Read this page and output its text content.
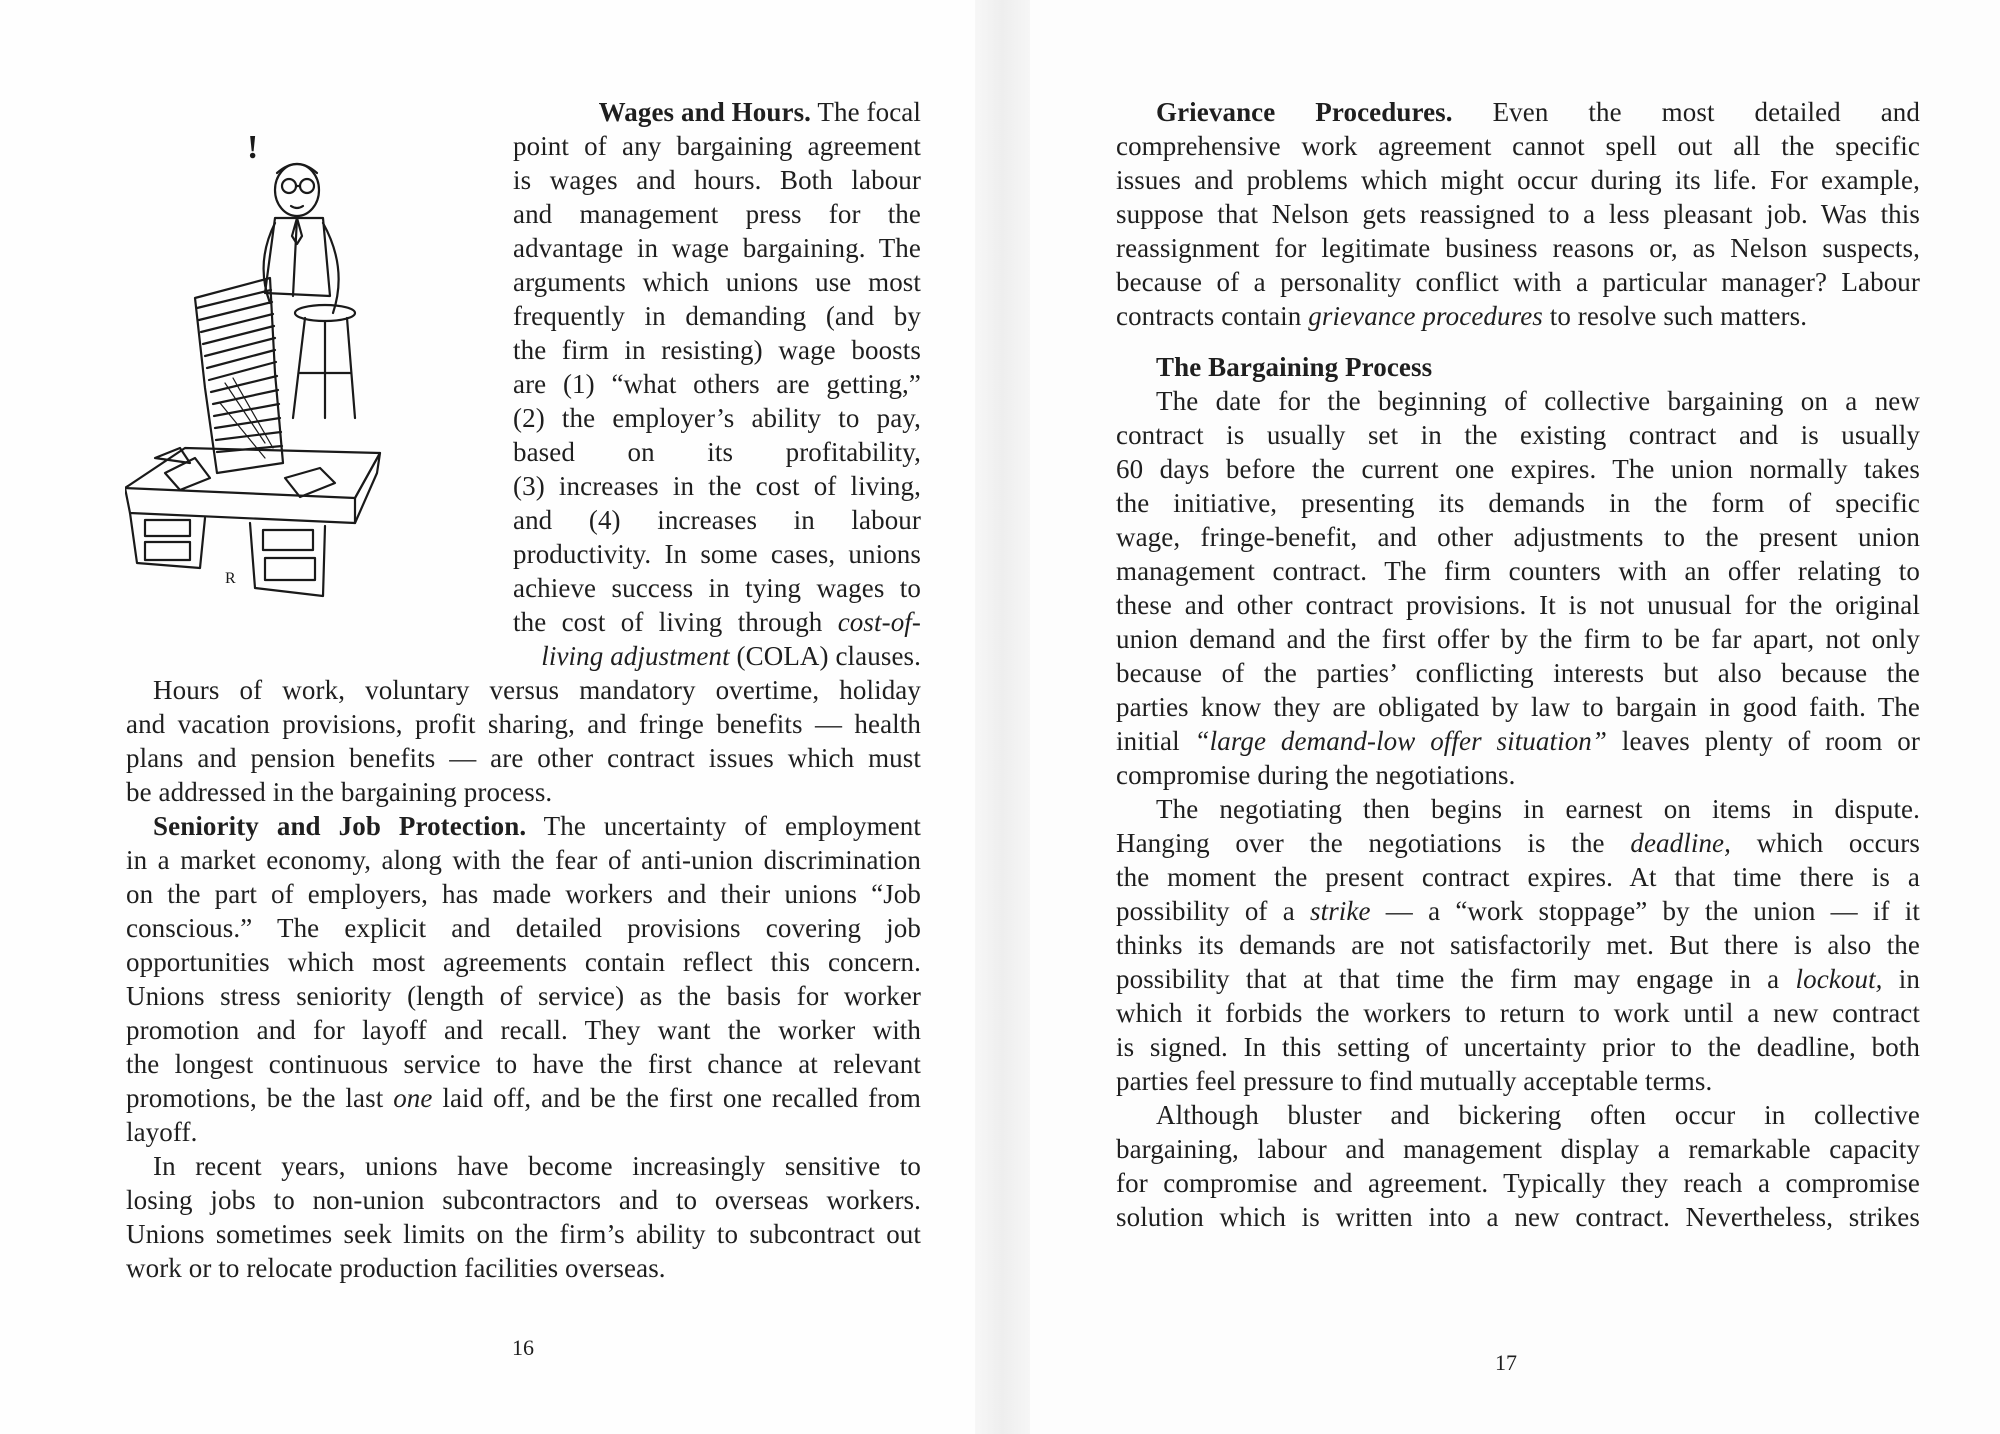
!
R

Wages and Hours. The focal

point of any bargaining agreement

is wages and hours. Both labour

and management press for the

advantage in wage bargaining. The

arguments which unions use most

frequently in demanding (and by

the firm in resisting) wage boosts

are (1) “what others are getting,”

(2) the employer’s ability to pay,

based on its profitability,

(3) increases in the cost of living,

and (4) increases in labour

productivity. In some cases, unions

achieve success in tying wages to

the cost of living through cost-of-

living adjustment (COLA) clauses.

Hours of work, voluntary versus mandatory overtime, holiday

and vacation provisions, profit sharing, and fringe benefits — health

plans and pension benefits — are other contract issues which must

be addressed in the bargaining process.

Seniority and Job Protection. The uncertainty of employment

in a market economy, along with the fear of anti-union discrimination

on the part of employers, has made workers and their unions “Job

conscious.” The explicit and detailed provisions covering job

opportunities which most agreements contain reflect this concern.

Unions stress seniority (length of service) as the basis for worker

promotion and for layoff and recall. They want the worker with

the longest continuous service to have the first chance at relevant

promotions, be the last one laid off, and be the first one recalled from

layoff.

In recent years, unions have become increasingly sensitive to

losing jobs to non-union subcontractors and to overseas workers.

Unions sometimes seek limits on the firm’s ability to subcontract out

work or to relocate production facilities overseas.

16

Grievance Procedures. Even the most detailed and

comprehensive work agreement cannot spell out all the specific

issues and problems which might occur during its life. For example,

suppose that Nelson gets reassigned to a less pleasant job. Was this

reassignment for legitimate business reasons or, as Nelson suspects,

because of a personality conflict with a particular manager? Labour

contracts contain grievance procedures to resolve such matters.

The Bargaining Process

The date for the beginning of collective bargaining on a new

contract is usually set in the existing contract and is usually

60 days before the current one expires. The union normally takes

the initiative, presenting its demands in the form of specific

wage, fringe-benefit, and other adjustments to the present union

management contract. The firm counters with an offer relating to

these and other contract provisions. It is not unusual for the original

union demand and the first offer by the firm to be far apart, not only

because of the parties’ conflicting interests but also because the

parties know they are obligated by law to bargain in good faith. The

initial “large demand-low offer situation” leaves plenty of room or

compromise during the negotiations.

The negotiating then begins in earnest on items in dispute.

Hanging over the negotiations is the deadline, which occurs

the moment the present contract expires. At that time there is a

possibility of a strike — a “work stoppage” by the union — if it

thinks its demands are not satisfactorily met. But there is also the

possibility that at that time the firm may engage in a lockout, in

which it forbids the workers to return to work until a new contract

is signed. In this setting of uncertainty prior to the deadline, both

parties feel pressure to find mutually acceptable terms.

Although bluster and bickering often occur in collective

bargaining, labour and management display a remarkable capacity

for compromise and agreement. Typically they reach a compromise

solution which is written into a new contract. Nevertheless, strikes

17
